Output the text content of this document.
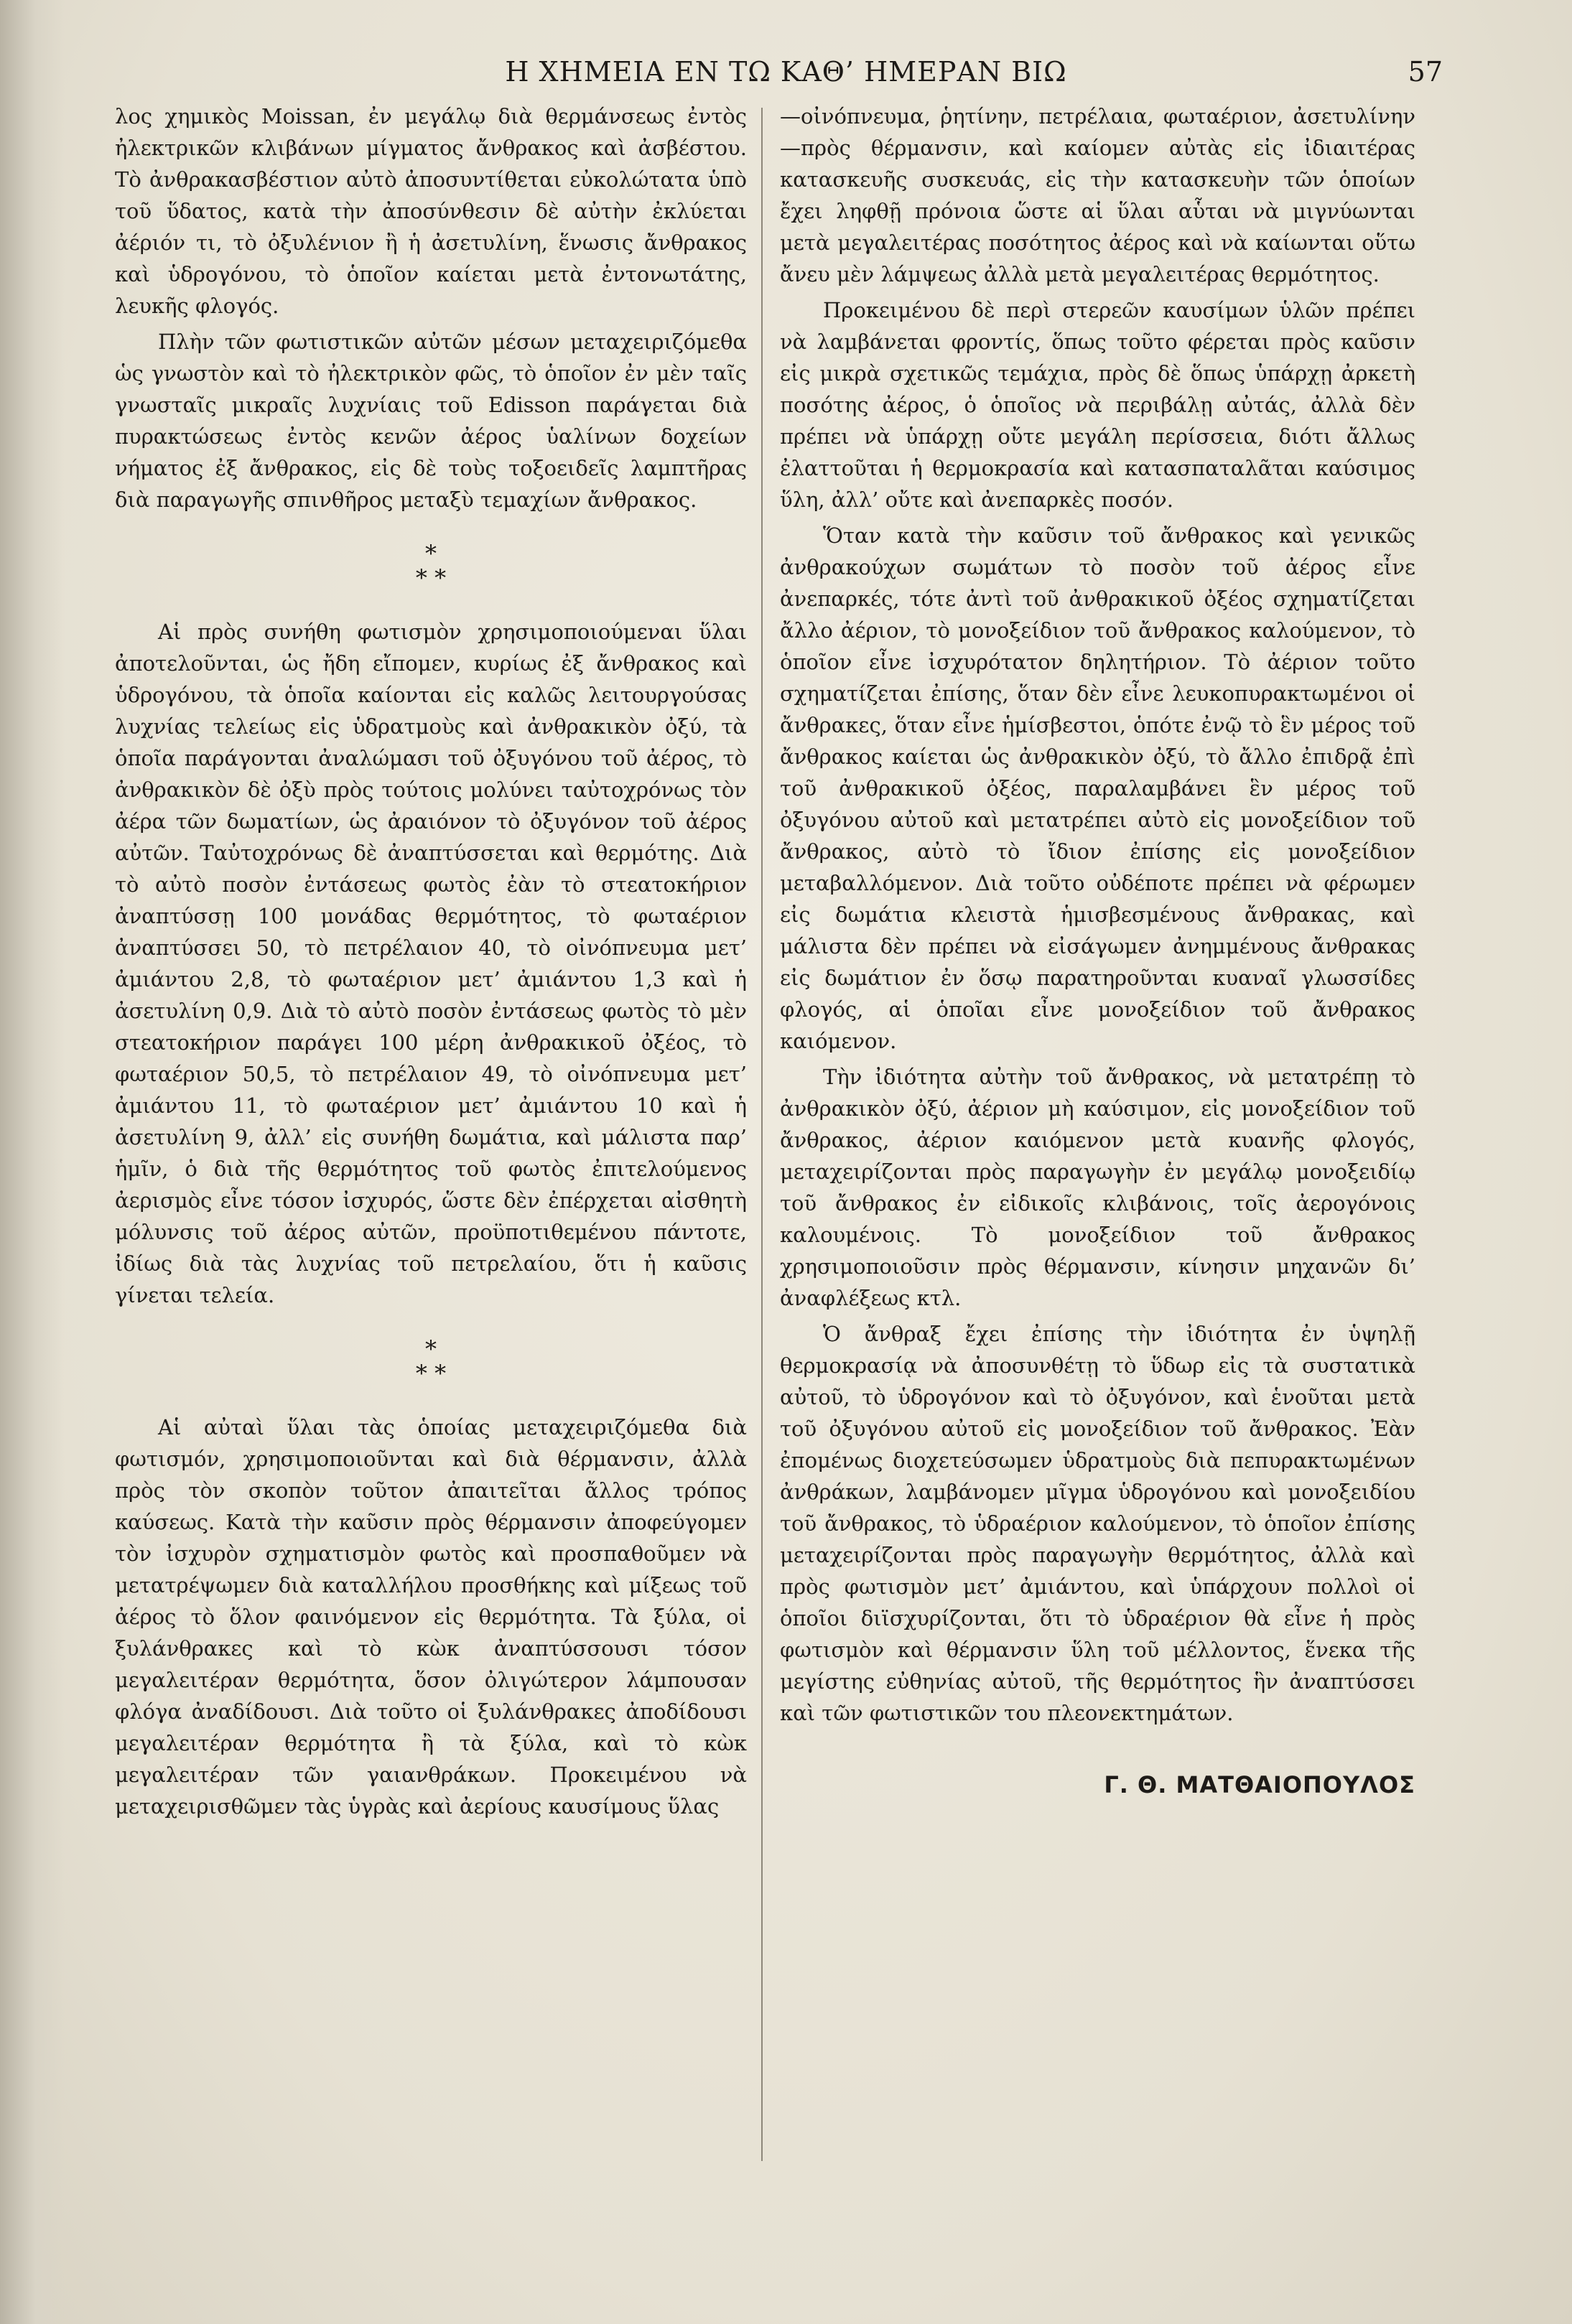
Η ΧΗΜΕΙΑ ΕΝ ΤΩ ΚΑΘ’ ΗΜΕΡΑΝ ΒΙΩ	57

λος χημικὸς Moissan, ἐν μεγάλῳ διὰ θερμάνσεως ἐντὸς ἠλεκτρικῶν κλιβάνων μίγματος ἄνθρακος καὶ ἀσβέστου. Τὸ ἀνθρακασβέστιον αὐτὸ ἀποσυντίθεται εὐκολώτατα ὑπὸ τοῦ ὕδατος, κατὰ τὴν ἀποσύνθεσιν δὲ αὐτὴν ἐκλύεται ἀέριόν τι, τὸ ὀξυλένιον ἢ ἡ ἀσετυλίνη, ἕνωσις ἄνθρακος καὶ ὑδρογόνου, τὸ ὁποῖον καίεται μετὰ ἐντονωτάτης, λευκῆς φλογός.

Πλὴν τῶν φωτιστικῶν αὐτῶν μέσων μεταχειριζόμεθα ὡς γνωστὸν καὶ τὸ ἠλεκτρικὸν φῶς, τὸ ὁποῖον ἐν μὲν ταῖς γνωσταῖς μικραῖς λυχνίαις τοῦ Edisson παράγεται διὰ πυρακτώσεως ἐντὸς κενῶν ἀέρος ὑαλίνων δοχείων νήματος ἐξ ἄνθρακος, εἰς δὲ τοὺς τοξοειδεῖς λαμπτῆρας διὰ παραγωγῆς σπινθῆρος μεταξὺ τεμαχίων ἄνθρακος.

*
* *

Αἱ πρὸς συνήθη φωτισμὸν χρησιμοποιούμεναι ὕλαι ἀποτελοῦνται, ὡς ἤδη εἴπομεν, κυρίως ἐξ ἄνθρακος καὶ ὑδρογόνου, τὰ ὁποῖα καίονται εἰς καλῶς λειτουργούσας λυχνίας τελείως εἰς ὑδρατμοὺς καὶ ἀνθρακικὸν ὀξύ, τὰ ὁποῖα παράγονται ἀναλώμασι τοῦ ὀξυγόνου τοῦ ἀέρος, τὸ ἀνθρακικὸν δὲ ὀξὺ πρὸς τούτοις μολύνει ταὐτοχρόνως τὸν ἀέρα τῶν δωματίων, ὡς ἀραιόνον τὸ ὀξυγόνον τοῦ ἀέρος αὐτῶν. Ταὐτοχρόνως δὲ ἀναπτύσσεται καὶ θερμότης. Διὰ τὸ αὐτὸ ποσὸν ἐντάσεως φωτὸς ἐὰν τὸ στεατοκήριον ἀναπτύσσῃ 100 μονάδας θερμότητος, τὸ φωταέριον ἀναπτύσσει 50, τὸ πετρέλαιον 40, τὸ οἰνόπνευμα μετ’ ἀμιάντου 2,8, τὸ φωταέριον μετ’ ἀμιάντου 1,3 καὶ ἡ ἀσετυλίνη 0,9. Διὰ τὸ αὐτὸ ποσὸν ἐντάσεως φωτὸς τὸ μὲν στεατοκήριον παράγει 100 μέρη ἀνθρακικοῦ ὀξέος, τὸ φωταέριον 50,5, τὸ πετρέλαιον 49, τὸ οἰνόπνευμα μετ’ ἀμιάντου 11, τὸ φωταέριον μετ’ ἀμιάντου 10 καὶ ἡ ἀσετυλίνη 9, ἀλλ’ εἰς συνήθη δωμάτια, καὶ μάλιστα παρ’ ἡμῖν, ὁ διὰ τῆς θερμότητος τοῦ φωτὸς ἐπιτελούμενος ἀερισμὸς εἶνε τόσον ἰσχυρός, ὥστε δὲν ἐπέρχεται αἰσθητὴ μόλυνσις τοῦ ἀέρος αὐτῶν, προϋποτιθεμένου πάντοτε, ἰδίως διὰ τὰς λυχνίας τοῦ πετρελαίου, ὅτι ἡ καῦσις γίνεται τελεία.

*
* *

Αἱ αὐταὶ ὕλαι τὰς ὁποίας μεταχειριζόμεθα διὰ φωτισμόν, χρησιμοποιοῦνται καὶ διὰ θέρμανσιν, ἀλλὰ πρὸς τὸν σκοπὸν τοῦτον ἀπαιτεῖται ἄλλος τρόπος καύσεως. Κατὰ τὴν καῦσιν πρὸς θέρμανσιν ἀποφεύγομεν τὸν ἰσχυρὸν σχηματισμὸν φωτὸς καὶ προσπαθοῦμεν νὰ μετατρέψωμεν διὰ καταλλήλου προσθήκης καὶ μίξεως τοῦ ἀέρος τὸ ὅλον φαινόμενον εἰς θερμότητα. Τὰ ξύλα, οἱ ξυλάνθρακες καὶ τὸ κὼκ ἀναπτύσσουσι τόσον μεγαλειτέραν θερμότητα, ὅσον ὀλιγώτερον λάμπουσαν φλόγα ἀναδίδουσι. Διὰ τοῦτο οἱ ξυλάνθρακες ἀποδίδουσι μεγαλειτέραν θερμότητα ἢ τὰ ξύλα, καὶ τὸ κὼκ μεγαλειτέραν τῶν γαιανθράκων. Προκειμένου νὰ μεταχειρισθῶμεν τὰς ὑγρὰς καὶ ἀερίους καυσίμους ὕλας

—οἰνόπνευμα, ῥητίνην, πετρέλαια, φωταέριον, ἀσετυλίνην—πρὸς θέρμανσιν, καὶ καίομεν αὐτὰς εἰς ἰδιαιτέρας κατασκευῆς συσκευάς, εἰς τὴν κατασκευὴν τῶν ὁποίων ἔχει ληφθῇ πρόνοια ὥστε αἱ ὕλαι αὗται νὰ μιγνύωνται μετὰ μεγαλειτέρας ποσότητος ἀέρος καὶ νὰ καίωνται οὕτω ἄνευ μὲν λάμψεως ἀλλὰ μετὰ μεγαλειτέρας θερμότητος.

Προκειμένου δὲ περὶ στερεῶν καυσίμων ὑλῶν πρέπει νὰ λαμβάνεται φροντίς, ὅπως τοῦτο φέρεται πρὸς καῦσιν εἰς μικρὰ σχετικῶς τεμάχια, πρὸς δὲ ὅπως ὑπάρχῃ ἀρκετὴ ποσότης ἀέρος, ὁ ὁποῖος νὰ περιβάλῃ αὐτάς, ἀλλὰ δὲν πρέπει νὰ ὑπάρχῃ οὔτε μεγάλη περίσσεια, διότι ἄλλως ἐλαττοῦται ἡ θερμοκρασία καὶ κατασπαταλᾶται καύσιμος ὕλη, ἀλλ’ οὔτε καὶ ἀνεπαρκὲς ποσόν.

Ὅταν κατὰ τὴν καῦσιν τοῦ ἄνθρακος καὶ γενικῶς ἀνθρακούχων σωμάτων τὸ ποσὸν τοῦ ἀέρος εἶνε ἀνεπαρκές, τότε ἀντὶ τοῦ ἀνθρακικοῦ ὀξέος σχηματίζεται ἄλλο ἀέριον, τὸ μονοξείδιον τοῦ ἄνθρακος καλούμενον, τὸ ὁποῖον εἶνε ἰσχυρότατον δηλητήριον. Τὸ ἀέριον τοῦτο σχηματίζεται ἐπίσης, ὅταν δὲν εἶνε λευκοπυρακτωμένοι οἱ ἄνθρακες, ὅταν εἶνε ἡμίσβεστοι, ὁπότε ἐνῷ τὸ ἓν μέρος τοῦ ἄνθρακος καίεται ὡς ἀνθρακικὸν ὀξύ, τὸ ἄλλο ἐπιδρᾷ ἐπὶ τοῦ ἀνθρακικοῦ ὀξέος, παραλαμβάνει ἓν μέρος τοῦ ὀξυγόνου αὐτοῦ καὶ μετατρέπει αὐτὸ εἰς μονοξείδιον τοῦ ἄνθρακος, αὐτὸ τὸ ἴδιον ἐπίσης εἰς μονοξείδιον μεταβαλλόμενον. Διὰ τοῦτο οὐδέποτε πρέπει νὰ φέρωμεν εἰς δωμάτια κλειστὰ ἡμισβεσμένους ἄνθρακας, καὶ μάλιστα δὲν πρέπει νὰ εἰσάγωμεν ἀνημμένους ἄνθρακας εἰς δωμάτιον ἐν ὅσῳ παρατηροῦνται κυαναῖ γλωσσίδες φλογός, αἱ ὁποῖαι εἶνε μονοξείδιον τοῦ ἄνθρακος καιόμενον.

Τὴν ἰδιότητα αὐτὴν τοῦ ἄνθρακος, νὰ μετατρέπῃ τὸ ἀνθρακικὸν ὀξύ, ἀέριον μὴ καύσιμον, εἰς μονοξείδιον τοῦ ἄνθρακος, ἀέριον καιόμενον μετὰ κυανῆς φλογός, μεταχειρίζονται πρὸς παραγωγὴν ἐν μεγάλῳ μονοξειδίῳ τοῦ ἄνθρακος ἐν εἰδικοῖς κλιβάνοις, τοῖς ἀερογόνοις καλουμένοις. Τὸ μονοξείδιον τοῦ ἄνθρακος χρησιμοποιοῦσιν πρὸς θέρμανσιν, κίνησιν μηχανῶν δι’ ἀναφλέξεως κτλ.

Ὁ ἄνθραξ ἔχει ἐπίσης τὴν ἰδιότητα ἐν ὑψηλῇ θερμοκρασίᾳ νὰ ἀποσυνθέτῃ τὸ ὕδωρ εἰς τὰ συστατικὰ αὐτοῦ, τὸ ὑδρογόνον καὶ τὸ ὀξυγόνον, καὶ ἑνοῦται μετὰ τοῦ ὀξυγόνου αὐτοῦ εἰς μονοξείδιον τοῦ ἄνθρακος. Ἐὰν ἐπομένως διοχετεύσωμεν ὑδρατμοὺς διὰ πεπυρακτωμένων ἀνθράκων, λαμβάνομεν μῖγμα ὑδρογόνου καὶ μονοξειδίου τοῦ ἄνθρακος, τὸ ὑδραέριον καλούμενον, τὸ ὁποῖον ἐπίσης μεταχειρίζονται πρὸς παραγωγὴν θερμότητος, ἀλλὰ καὶ πρὸς φωτισμὸν μετ’ ἀμιάντου, καὶ ὑπάρχουν πολλοὶ οἱ ὁποῖοι διϊσχυρίζονται, ὅτι τὸ ὑδραέριον θὰ εἶνε ἡ πρὸς φωτισμὸν καὶ θέρμανσιν ὕλη τοῦ μέλλοντος, ἕνεκα τῆς μεγίστης εὐθηνίας αὐτοῦ, τῆς θερμότητος ἣν ἀναπτύσσει καὶ τῶν φωτιστικῶν του πλεονεκτημάτων.

Γ. Θ. ΜΑΤΘΑΙΟΠΟΥΛΟΣ
